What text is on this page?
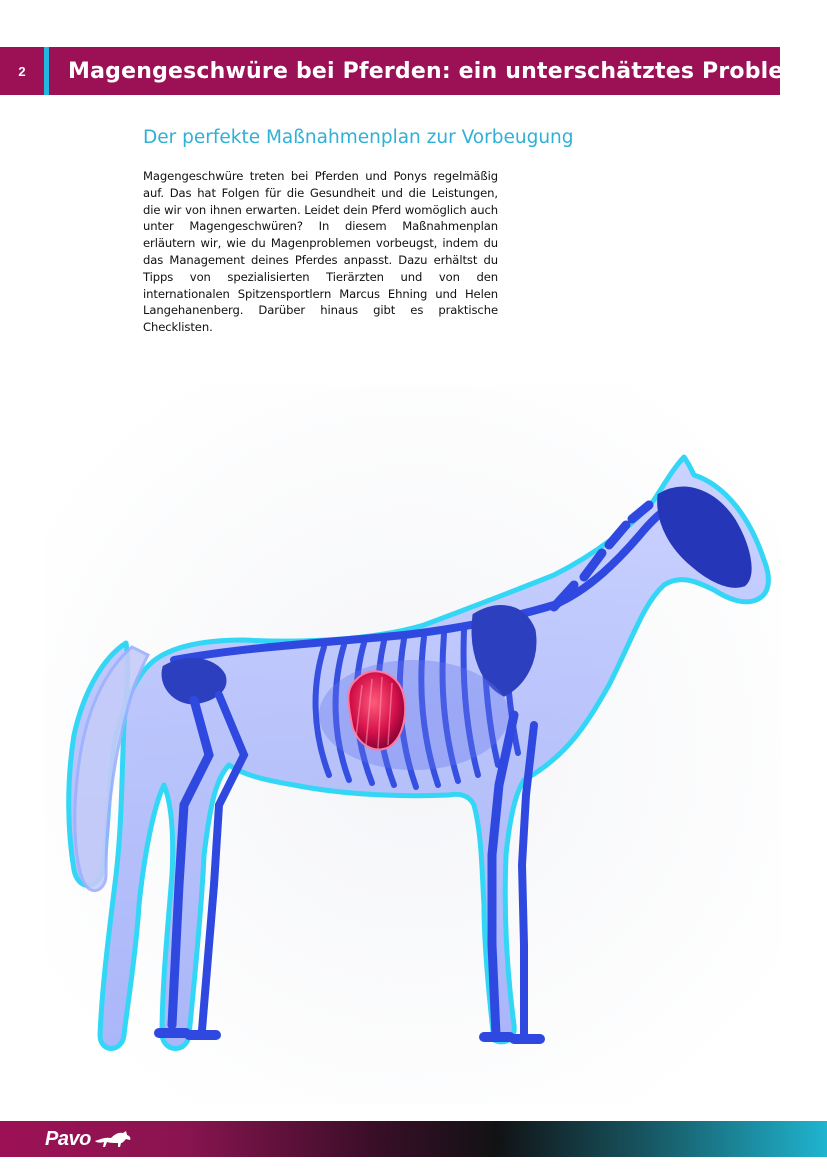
2	Magengeschwüre bei Pferden: ein unterschätztes Problem
Der perfekte Maßnahmenplan zur Vorbeugung

Magengeschwüre treten bei Pferden und Ponys regelmäßig auf. Das hat Folgen für die Gesundheit und die Leistungen, die wir von ihnen erwarten. Leidet dein Pferd womöglich auch unter Magengeschwüren? In diesem Maßnahmenplan erläutern wir, wie du Magenproblemen vorbeugst, indem du das Management deines Pferdes anpasst. Dazu erhältst du Tipps von spezialisierten Tierärzten und von den internationalen Spitzensportlern Marcus Ehning und Helen Langehanenberg. Darüber hinaus gibt es praktische Checklisten.

Pavo
